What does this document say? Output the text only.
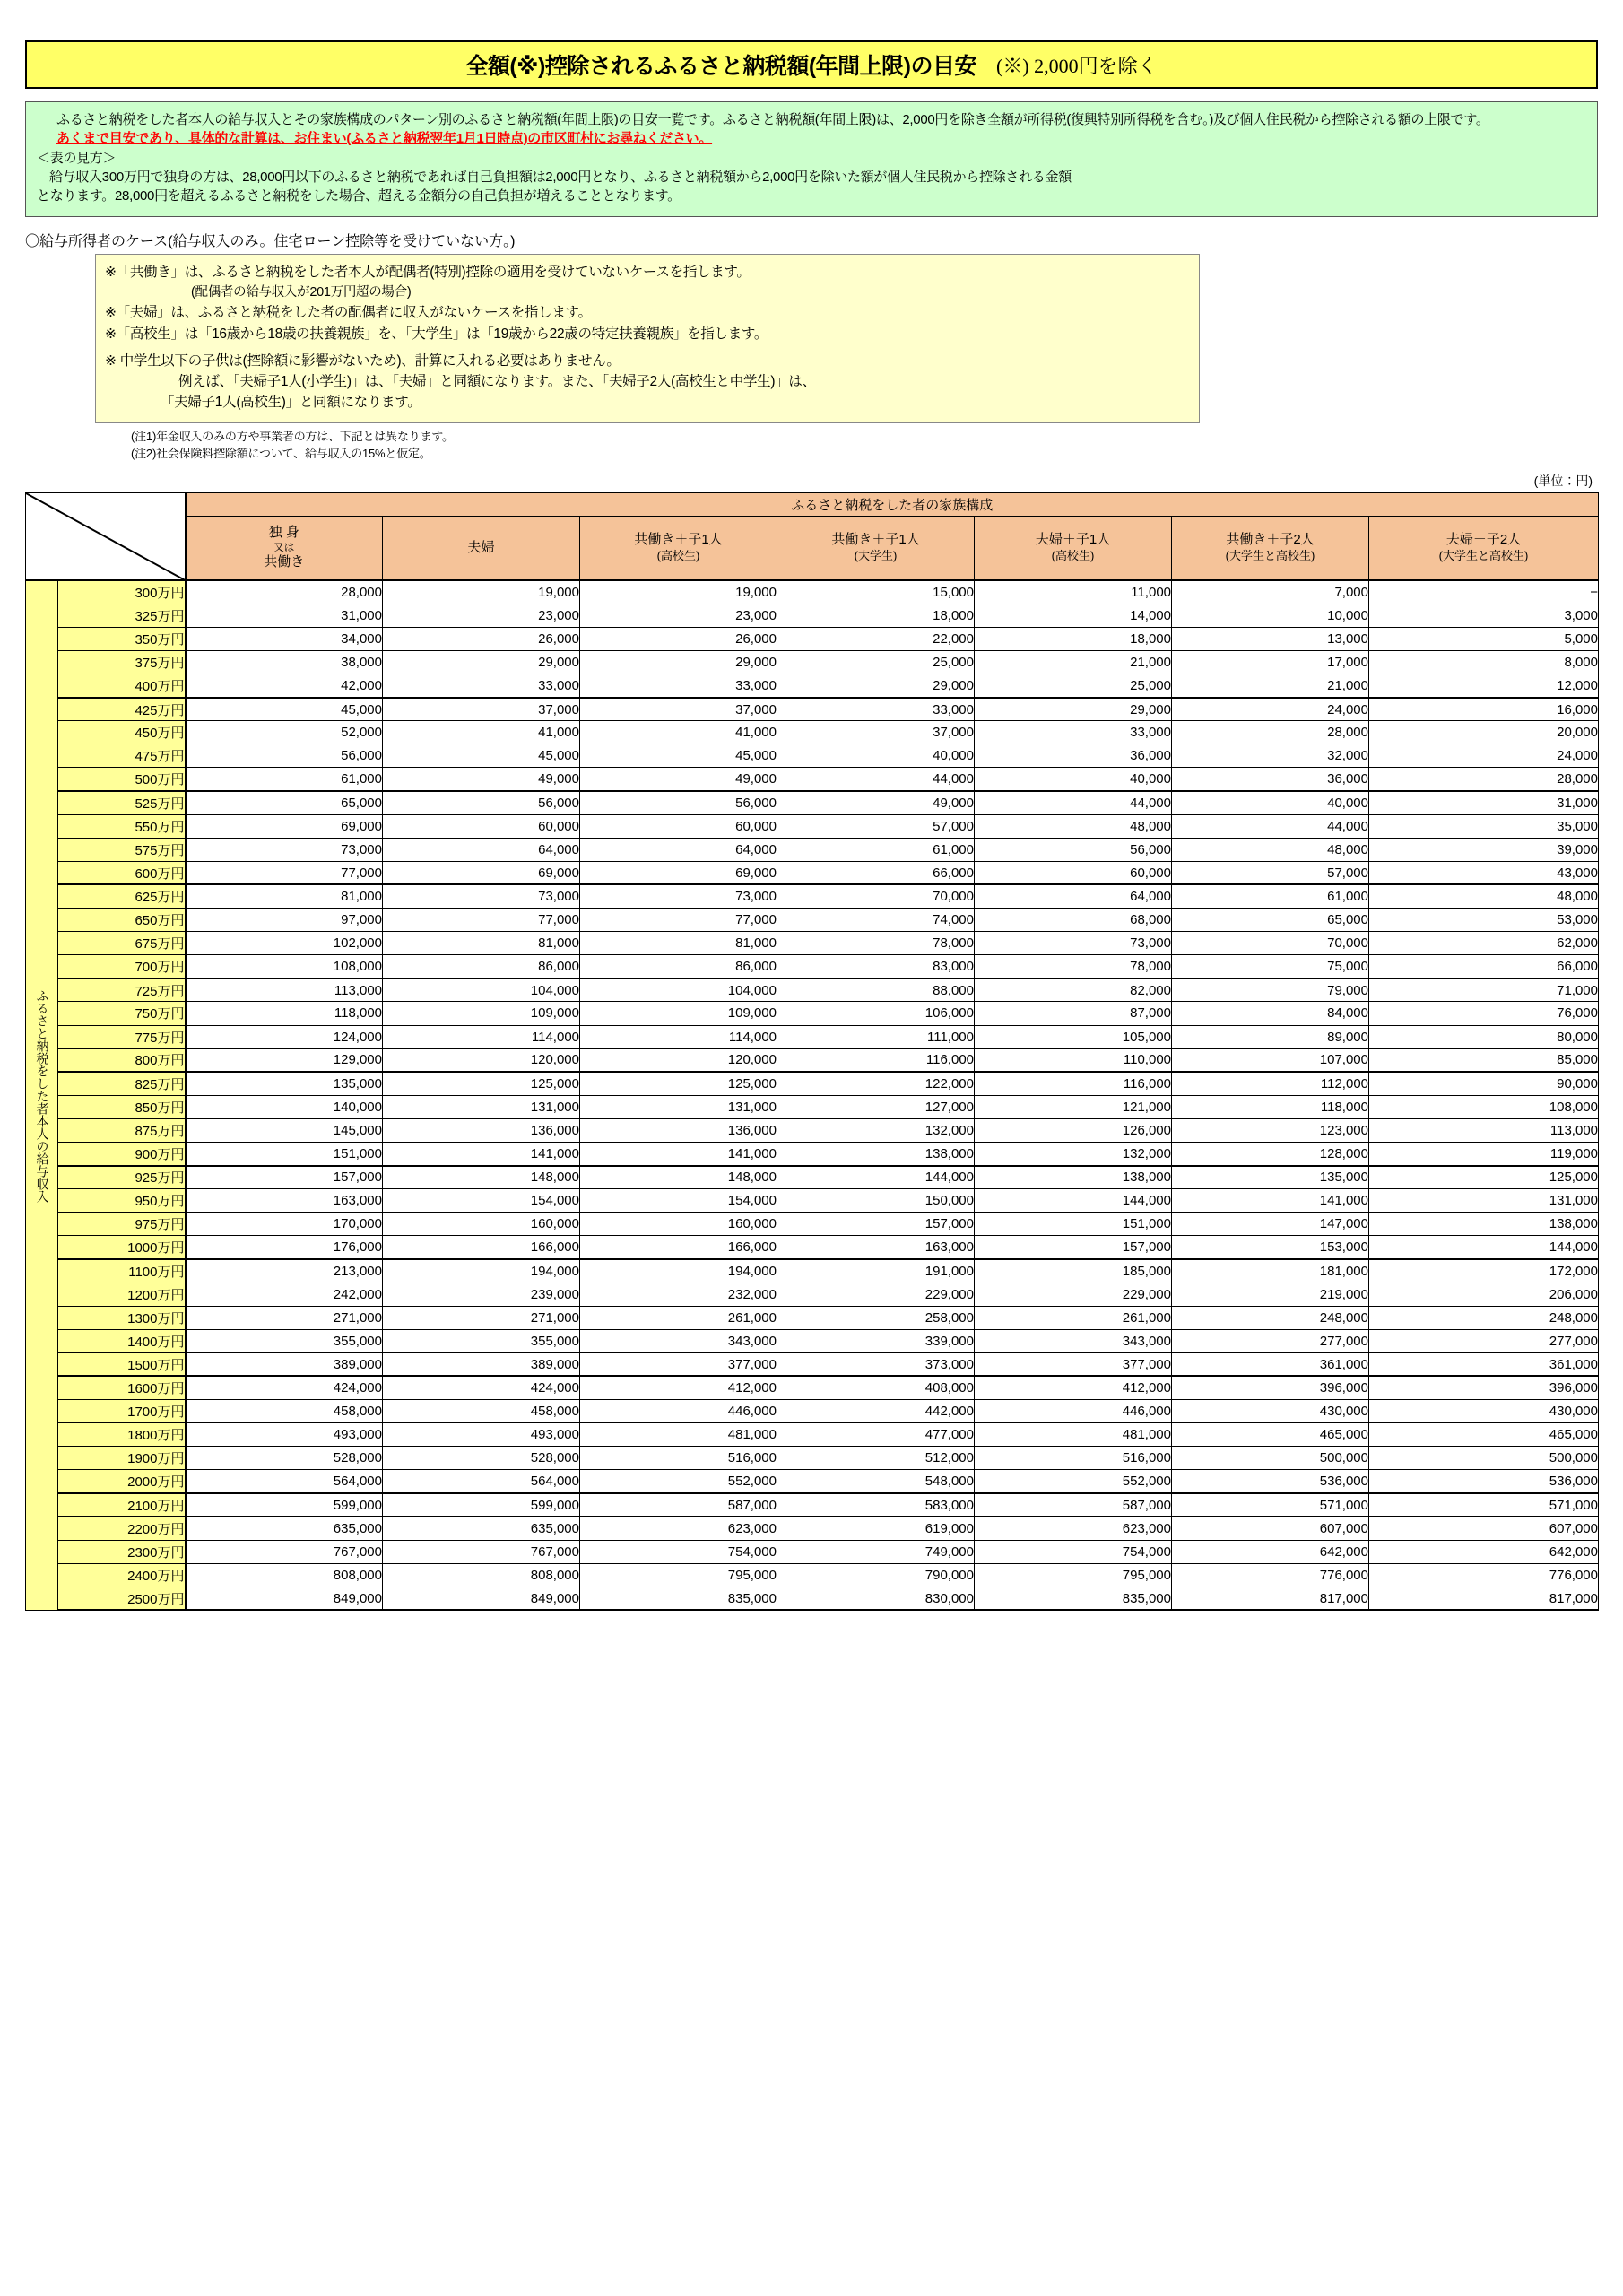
全額(※)控除されるふるさと納税額(年間上限)の目安 (※) 2,000円を除く

ふるさと納税をした者本人の給与収入とその家族構成のパターン別のふるさと納税額(年間上限)の目安一覧です。ふるさと納税額(年間上限)は、2,000円を除き全額が所得税(復興特別所得税を含む。)及び個人住民税から控除される額の上限です。

あくまで目安であり、具体的な計算は、お住まい(ふるさと納税翌年1月1日時点)の市区町村にお尋ねください。

＜表の見方＞

給与収入300万円で独身の方は、28,000円以下のふるさと納税であれば自己負担額は2,000円となり、ふるさと納税額から2,000円を除いた額が個人住民税から控除される金額
となります。28,000円を超えるふるさと納税をした場合、超える金額分の自己負担が増えることとなります。

〇給与所得者のケース(給与収入のみ。住宅ローン控除等を受けていない方。)
※「共働き」は、ふるさと納税をした者本人が配偶者(特別)控除の適用を受けていないケースを指します。
(配偶者の給与収入が201万円超の場合)
※「夫婦」は、ふるさと納税をした者の配偶者に収入がないケースを指します。
※「高校生」は「16歳から18歳の扶養親族」を、「大学生」は「19歳から22歳の特定扶養親族」を指します。
※ 中学生以下の子供は(控除額に影響がないため)、計算に入れる必要はありません。
例えば、「夫婦子1人(小学生)」は、「夫婦」と同額になります。また、「夫婦子2人(高校生と中学生)」は、
「夫婦子1人(高校生)」と同額になります。
(注1)年金収入のみの方や事業者の方は、下記とは異なります。
(注2)社会保険料控除額について、給与収入の15%と仮定。
(単位：円)
	ふるさと納税をした者の家族構成						

		独 身
又は
共働き	夫婦	共働き＋子1人
(高校生)	共働き＋子1人
(大学生)	夫婦＋子1人
(高校生)	共働き＋子2人
(大学生と高校生)	夫婦＋子2人
(大学生と高校生)

ふるさと納税をした者本人の給与収入	300万円	28,000	19,000	19,000	15,000	11,000	7,000	−
	325万円	31,000	23,000	23,000	18,000	14,000	10,000	3,000
	350万円	34,000	26,000	26,000	22,000	18,000	13,000	5,000
	375万円	38,000	29,000	29,000	25,000	21,000	17,000	8,000
	400万円	42,000	33,000	33,000	29,000	25,000	21,000	12,000
	425万円	45,000	37,000	37,000	33,000	29,000	24,000	16,000
	450万円	52,000	41,000	41,000	37,000	33,000	28,000	20,000
	475万円	56,000	45,000	45,000	40,000	36,000	32,000	24,000
	500万円	61,000	49,000	49,000	44,000	40,000	36,000	28,000
	525万円	65,000	56,000	56,000	49,000	44,000	40,000	31,000
	550万円	69,000	60,000	60,000	57,000	48,000	44,000	35,000
	575万円	73,000	64,000	64,000	61,000	56,000	48,000	39,000
	600万円	77,000	69,000	69,000	66,000	60,000	57,000	43,000
	625万円	81,000	73,000	73,000	70,000	64,000	61,000	48,000
	650万円	97,000	77,000	77,000	74,000	68,000	65,000	53,000
	675万円	102,000	81,000	81,000	78,000	73,000	70,000	62,000
	700万円	108,000	86,000	86,000	83,000	78,000	75,000	66,000
	725万円	113,000	104,000	104,000	88,000	82,000	79,000	71,000
	750万円	118,000	109,000	109,000	106,000	87,000	84,000	76,000
	775万円	124,000	114,000	114,000	111,000	105,000	89,000	80,000
	800万円	129,000	120,000	120,000	116,000	110,000	107,000	85,000
	825万円	135,000	125,000	125,000	122,000	116,000	112,000	90,000
	850万円	140,000	131,000	131,000	127,000	121,000	118,000	108,000
	875万円	145,000	136,000	136,000	132,000	126,000	123,000	113,000
	900万円	151,000	141,000	141,000	138,000	132,000	128,000	119,000
	925万円	157,000	148,000	148,000	144,000	138,000	135,000	125,000
	950万円	163,000	154,000	154,000	150,000	144,000	141,000	131,000
	975万円	170,000	160,000	160,000	157,000	151,000	147,000	138,000
	1000万円	176,000	166,000	166,000	163,000	157,000	153,000	144,000
	1100万円	213,000	194,000	194,000	191,000	185,000	181,000	172,000
	1200万円	242,000	239,000	232,000	229,000	229,000	219,000	206,000
	1300万円	271,000	271,000	261,000	258,000	261,000	248,000	248,000
	1400万円	355,000	355,000	343,000	339,000	343,000	277,000	277,000
	1500万円	389,000	389,000	377,000	373,000	377,000	361,000	361,000
	1600万円	424,000	424,000	412,000	408,000	412,000	396,000	396,000
	1700万円	458,000	458,000	446,000	442,000	446,000	430,000	430,000
	1800万円	493,000	493,000	481,000	477,000	481,000	465,000	465,000
	1900万円	528,000	528,000	516,000	512,000	516,000	500,000	500,000
	2000万円	564,000	564,000	552,000	548,000	552,000	536,000	536,000
	2100万円	599,000	599,000	587,000	583,000	587,000	571,000	571,000
	2200万円	635,000	635,000	623,000	619,000	623,000	607,000	607,000
	2300万円	767,000	767,000	754,000	749,000	754,000	642,000	642,000
	2400万円	808,000	808,000	795,000	790,000	795,000	776,000	776,000
	2500万円	849,000	849,000	835,000	830,000	835,000	817,000	817,000
